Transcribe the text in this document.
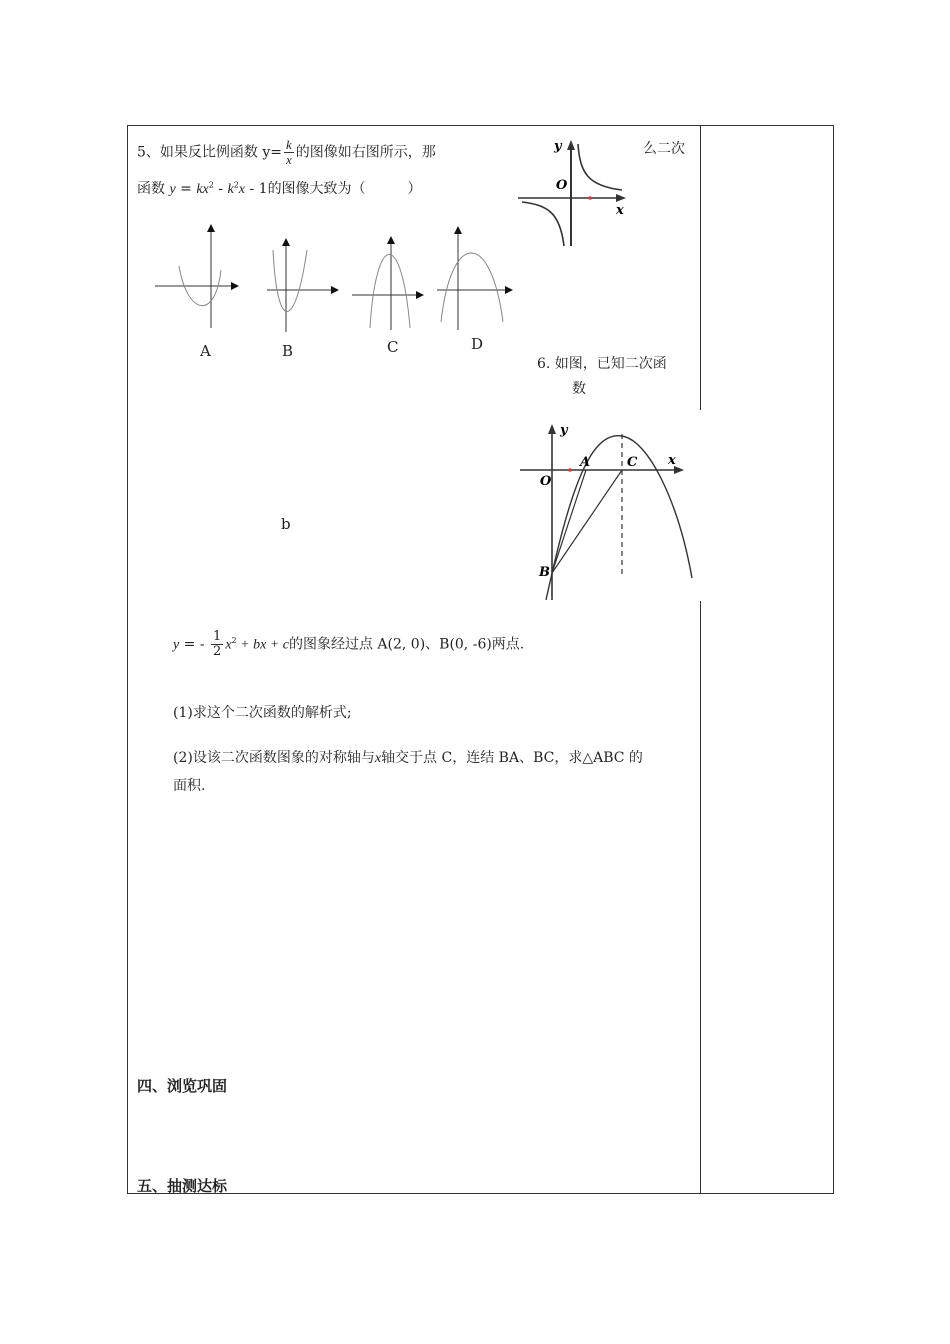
5、如果反比例函数 $y= \frac{k}{x}$ 的图像如右图所示，那	么二次
函数 $y = kx^2 - k^2x - 1$的图像大致为（　　　）
y
O
x
A	B	C	D
6. 如图，已知二次函
数
y
O
A	C x
B
b
y = - $\frac{1}{2} x^2$ + bx + c的图象经过点 A(2, 0)、B(0, -6)两点.
(1)求这个二次函数的解析式;
(2)设该二次函数图象的对称轴与x轴交于点 C，连结 BA、BC，求△ABC 的
面积.
四、浏览巩固
五、抽测达标
